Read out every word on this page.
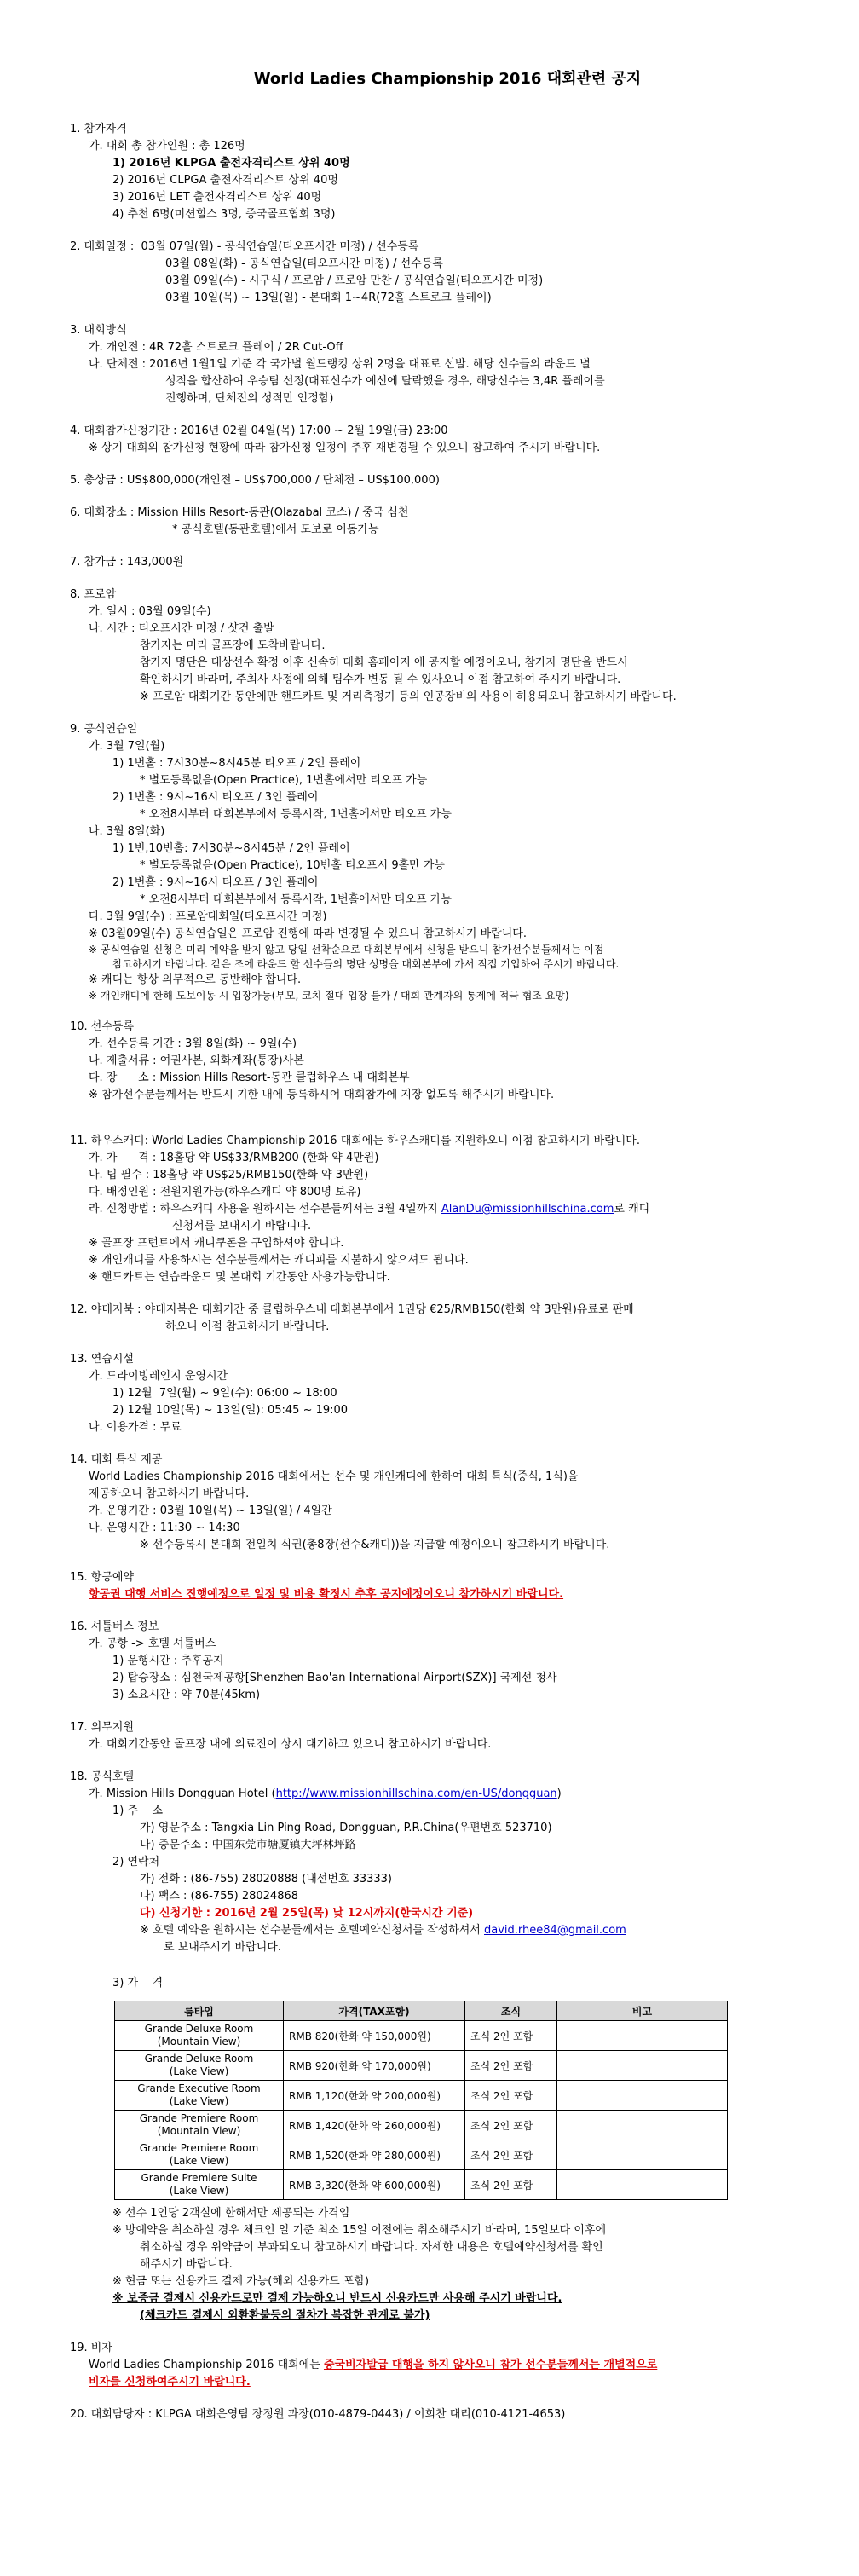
World Ladies Championship 2016 대회관련 공지
1. 참가자격
가. 대회 총 참가인원 : 총 126명
1) 2016년 KLPGA 출전자격리스트 상위 40명
2) 2016년 CLPGA 출전자격리스트 상위 40명
3) 2016년 LET 출전자격리스트 상위 40명
4) 추천 6명(미션힐스 3명, 중국골프협회 3명)
2. 대회일정 : 03월 07일(월) - 공식연습일(티오프시간 미정) / 선수등록
03월 08일(화) - 공식연습일(티오프시간 미정) / 선수등록
03월 09일(수) - 시구식 / 프로암 / 프로암 만찬 / 공식연습일(티오프시간 미정)
03월 10일(목) ~ 13일(일) - 본대회 1~4R(72홀 스트로크 플레이)
3. 대회방식
가. 개인전 : 4R 72홀 스트로크 플레이 / 2R Cut-Off
나. 단체전 : 2016년 1월1일 기준 각 국가별 월드랭킹 상위 2명을 대표로 선발. 해당 선수들의 라운드 별
성적을 합산하여 우승팀 선정(대표선수가 예선에 탈락했을 경우, 해당선수는 3,4R 플레이를
진행하며, 단체전의 성적만 인정함)
4. 대회참가신청기간 : 2016년 02월 04일(목) 17:00 ~ 2월 19일(금) 23:00
※ 상기 대회의 참가신청 현황에 따라 참가신청 일정이 추후 재변경될 수 있으니 참고하여 주시기 바랍니다.
5. 총상금 : US$800,000(개인전 – US$700,000 / 단체전 – US$100,000)
6. 대회장소 : Mission Hills Resort-동관(Olazabal 코스) / 중국 심천
* 공식호텔(동관호텔)에서 도보로 이동가능
7. 참가금 : 143,000원
8. 프로암
가. 일시 : 03월 09일(수)
나. 시간 : 티오프시간 미정 / 샷건 출발
참가자는 미리 골프장에 도착바랍니다.
참가자 명단은 대상선수 확정 이후 신속히 대회 홈페이지 에 공지할 예정이오니, 참가자 명단을 반드시
확인하시기 바라며, 주최사 사정에 의해 팀수가 변동 될 수 있사오니 이점 참고하여 주시기 바랍니다.
※ 프로암 대회기간 동안에만 핸드카트 및 거리측정기 등의 인공장비의 사용이 허용되오니 참고하시기 바랍니다.
9. 공식연습일
가. 3월 7일(월)
1) 1번홀 : 7시30분~8시45분 티오프 / 2인 플레이
* 별도등록없음(Open Practice), 1번홀에서만 티오프 가능
2) 1번홀 : 9시~16시 티오프 / 3인 플레이
* 오전8시부터 대회본부에서 등록시작, 1번홀에서만 티오프 가능
나. 3월 8일(화)
1) 1번,10번홀: 7시30분~8시45분 / 2인 플레이
* 별도등록없음(Open Practice), 10번홀 티오프시 9홀만 가능
2) 1번홀 : 9시~16시 티오프 / 3인 플레이
* 오전8시부터 대회본부에서 등록시작, 1번홀에서만 티오프 가능
다. 3월 9일(수) : 프로암대회일(티오프시간 미정)
※ 03월09일(수) 공식연습일은 프로암 진행에 따라 변경될 수 있으니 참고하시기 바랍니다.
※ 공식연습일 신청은 미리 예약을 받지 않고 당일 선착순으로 대회본부에서 신청을 받으니 참가선수분들께서는 이점
참고하시기 바랍니다. 같은 조에 라운드 할 선수들의 명단 성명을 대회본부에 가서 직접 기입하여 주시기 바랍니다.
※ 캐디는 항상 의무적으로 동반해야 합니다.
※ 개인캐디에 한해 도보이동 시 입장가능(부모, 코치 절대 입장 불가 / 대회 관계자의 통제에 적극 협조 요망)
10. 선수등록
가. 선수등록 기간 : 3월 8일(화) ~ 9일(수)
나. 제출서류 : 여권사본, 외화계좌(통장)사본
다. 장      소 : Mission Hills Resort-동관 클럽하우스 내 대회본부
※ 참가선수분들께서는 반드시 기한 내에 등록하시어 대회참가에 지장 없도록 해주시기 바랍니다.
11. 하우스캐디: World Ladies Championship 2016 대회에는 하우스캐디를 지원하오니 이점 참고하시기 바랍니다.
가. 가      격 : 18홀당 약 US$33/RMB200 (한화 약 4만원)
나. 팁 필수 : 18홀당 약 US$25/RMB150(한화 약 3만원)
다. 배정인원 : 전원지원가능(하우스캐디 약 800명 보유)
라. 신청방법 : 하우스캐디 사용을 원하시는 선수분들께서는 3월 4일까지 AlanDu@missionhillschina.com로 캐디
신청서를 보내시기 바랍니다.
※ 골프장 프런트에서 캐디쿠폰을 구입하셔야 합니다.
※ 개인캐디를 사용하시는 선수분들께서는 캐디피를 지불하지 않으셔도 됩니다.
※ 핸드카트는 연습라운드 및 본대회 기간동안 사용가능합니다.
12. 야데지북 : 야데지북은 대회기간 중 클럽하우스내 대회본부에서 1권당 €25/RMB150(한화 약 3만원)유료로 판매
하오니 이점 참고하시기 바랍니다.
13. 연습시설
가. 드라이빙레인지 운영시간
1) 12월  7일(월) ~ 9일(수): 06:00 ~ 18:00
2) 12월 10일(목) ~ 13일(일): 05:45 ~ 19:00
나. 이용가격 : 무료
14. 대회 특식 제공
World Ladies Championship 2016 대회에서는 선수 및 개인캐디에 한하여 대회 특식(중식, 1식)을
제공하오니 참고하시기 바랍니다.
가. 운영기간 : 03월 10일(목) ~ 13일(일) / 4일간
나. 운영시간 : 11:30 ~ 14:30
※ 선수등록시 본대회 전일치 식권(총8장(선수&캐디))을 지급할 예정이오니 참고하시기 바랍니다.
15. 항공예약
항공권 대행 서비스 진행예정으로 일정 및 비용 확정시 추후 공지예정이오니 참가하시기 바랍니다.
16. 셔틀버스 정보
가. 공항 -> 호텔 셔틀버스
1) 운행시간 : 추후공지
2) 탑승장소 : 심천국제공항[Shenzhen Bao'an International Airport(SZX)] 국제선 청사
3) 소요시간 : 약 70분(45km)
17. 의무지원
가. 대회기간동안 골프장 내에 의료진이 상시 대기하고 있으니 참고하시기 바랍니다.
18. 공식호텔
가. Mission Hills Dongguan Hotel (http://www.missionhillschina.com/en-US/dongguan)
1) 주    소
가) 영문주소 : Tangxia Lin Ping Road, Dongguan, P.R.China(우편번호 523710)
나) 중문주소 : 中国东莞市塘厦镇大坪林坪路
2) 연락처
가) 전화 : (86-755) 28020888 (내선번호 33333)
나) 팩스 : (86-755) 28024868
다) 신청기한 : 2016년 2월 25일(목) 낮 12시까지(한국시간 기준)
※ 호텔 예약을 원하시는 선수분들께서는 호텔예약신청서를 작성하셔서 david.rhee84@gmail.com
로 보내주시기 바랍니다.
3) 가    격
룸타입	가격(TAX포함)	조식	비고

Grande Deluxe Room
(Mountain View)	RMB 820(한화 약 150,000원)	조식 2인 포함	

Grande Deluxe Room
(Lake View)	RMB 920(한화 약 170,000원)	조식 2인 포함	

Grande Executive Room
(Lake View)	RMB 1,120(한화 약 200,000원)	조식 2인 포함	

Grande Premiere Room
(Mountain View)	RMB 1,420(한화 약 260,000원)	조식 2인 포함	

Grande Premiere Room
(Lake View)	RMB 1,520(한화 약 280,000원)	조식 2인 포함	

Grande Premiere Suite
(Lake View)	RMB 3,320(한화 약 600,000원)	조식 2인 포함	
※ 선수 1인당 2객실에 한해서만 제공되는 가격임
※ 방예약을 취소하실 경우 체크인 일 기준 최소 15일 이전에는 취소해주시기 바라며, 15일보다 이후에
취소하실 경우 위약금이 부과되오니 참고하시기 바랍니다. 자세한 내용은 호텔예약신청서를 확인
해주시기 바랍니다.
※ 현금 또는 신용카드 결제 가능(해외 신용카드 포함)
※ 보증금 결제시 신용카드로만 결제 가능하오니 반드시 신용카드만 사용해 주시기 바랍니다.
(체크카드 결제시 외환환불등의 절차가 복잡한 관계로 불가)
19. 비자
World Ladies Championship 2016 대회에는 중국비자발급 대행을 하지 않사오니 참가 선수분들께서는 개별적으로
비자를 신청하여주시기 바랍니다.
20. 대회담당자 : KLPGA 대회운영팀 장정원 과장(010-4879-0443) / 이희찬 대리(010-4121-4653)
